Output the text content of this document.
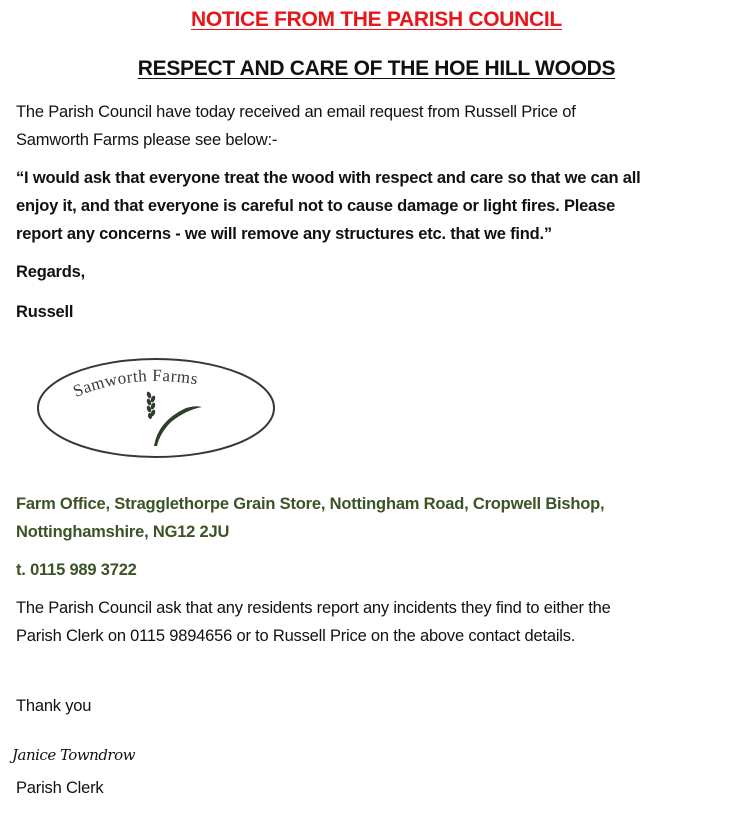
NOTICE FROM THE PARISH COUNCIL
RESPECT AND CARE OF THE HOE HILL WOODS
The Parish Council have today received an email request from Russell Price of
Samworth Farms please see below:-
“I would ask that everyone treat the wood with respect and care so that we can all
enjoy it, and that everyone is careful not to cause damage or light fires. Please
report any concerns - we will remove any structures etc. that we find.”
Regards,
Russell
Samworth Farms
Farm Office, Stragglethorpe Grain Store, Nottingham Road, Cropwell Bishop,
Nottinghamshire, NG12 2JU
t. 0115 989 3722
The Parish Council ask that any residents report any incidents they find to either the
Parish Clerk on 0115 9894656 or to Russell Price on the above contact details.
Thank you
Janice Towndrow
Parish Clerk
